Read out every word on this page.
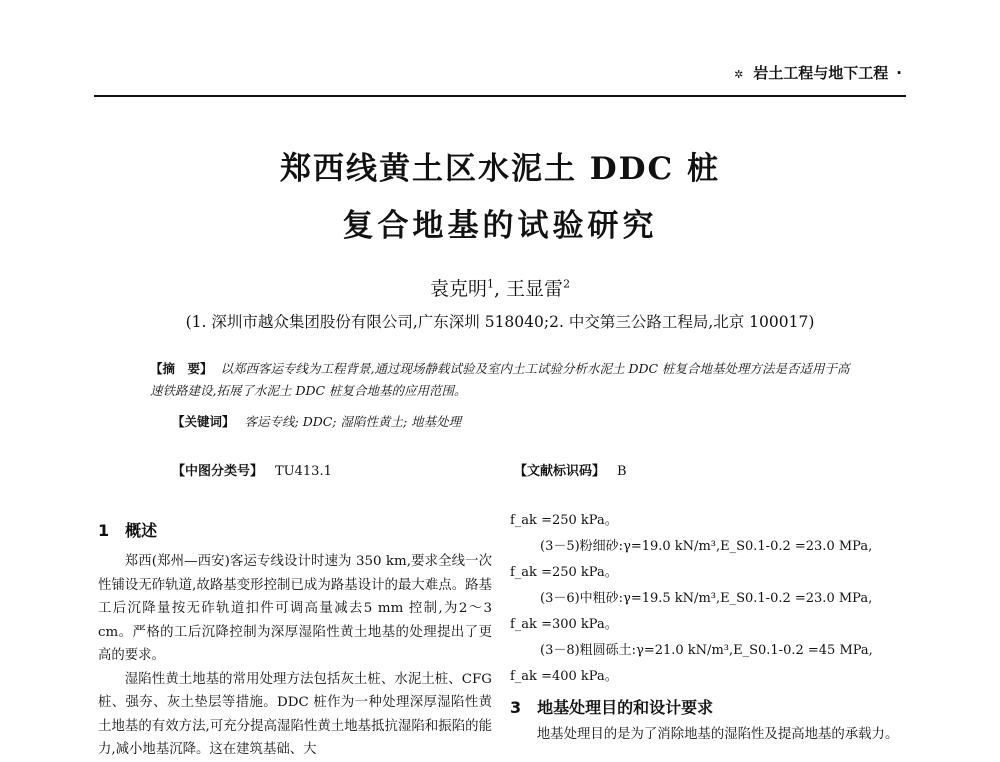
✲ 岩土工程与地下工程 ·
郑西线黄土区水泥土 DDC 桩
复合地基的试验研究
袁克明$^1$, 王显雷$^2$
(1. 深圳市越众集团股份有限公司,广东深圳 518040;2. 中交第三公路工程局,北京 100017)
【摘　要】 以郑西客运专线为工程背景,通过现场静载试验及室内土工试验分析水泥土 DDC 桩复合地基处理方法是否适用于高速铁路建设,拓展了水泥土 DDC 桩复合地基的应用范围。
【关键词】 客运专线; DDC; 湿陷性黄土; 地基处理
【中图分类号】 TU413.1	【文献标识码】 B
1　概述

郑西(郑州—西安)客运专线设计时速为 350 km,要求全线一次性铺设无砟轨道,故路基变形控制已成为路基设计的最大难点。路基工后沉降量按无砟轨道扣件可调高量减去5 mm 控制,为2～3 cm。严格的工后沉降控制为深厚湿陷性黄土地基的处理提出了更高的要求。

湿陷性黄土地基的常用处理方法包括灰土桩、水泥土桩、CFG 桩、强夯、灰土垫层等措施。DDC 桩作为一种处理深厚湿陷性黄土地基的有效方法,可充分提高湿陷性黄土地基抵抗湿陷和振陷的能力,减小地基沉降。这在建筑基础、大

f_ak =250 kPa。
(3－5)粉细砂:γ=19.0 kN/m³,E_S0.1-0.2 =23.0 MPa,
f_ak =250 kPa。
(3－6)中粗砂:γ=19.5 kN/m³,E_S0.1-0.2 =23.0 MPa,
f_ak =300 kPa。
(3－8)粗圆砾土:γ=21.0 kN/m³,E_S0.1-0.2 =45 MPa,
f_ak =400 kPa。
3　地基处理目的和设计要求
地基处理目的是为了消除地基的湿陷性及提高地基的承载力。
